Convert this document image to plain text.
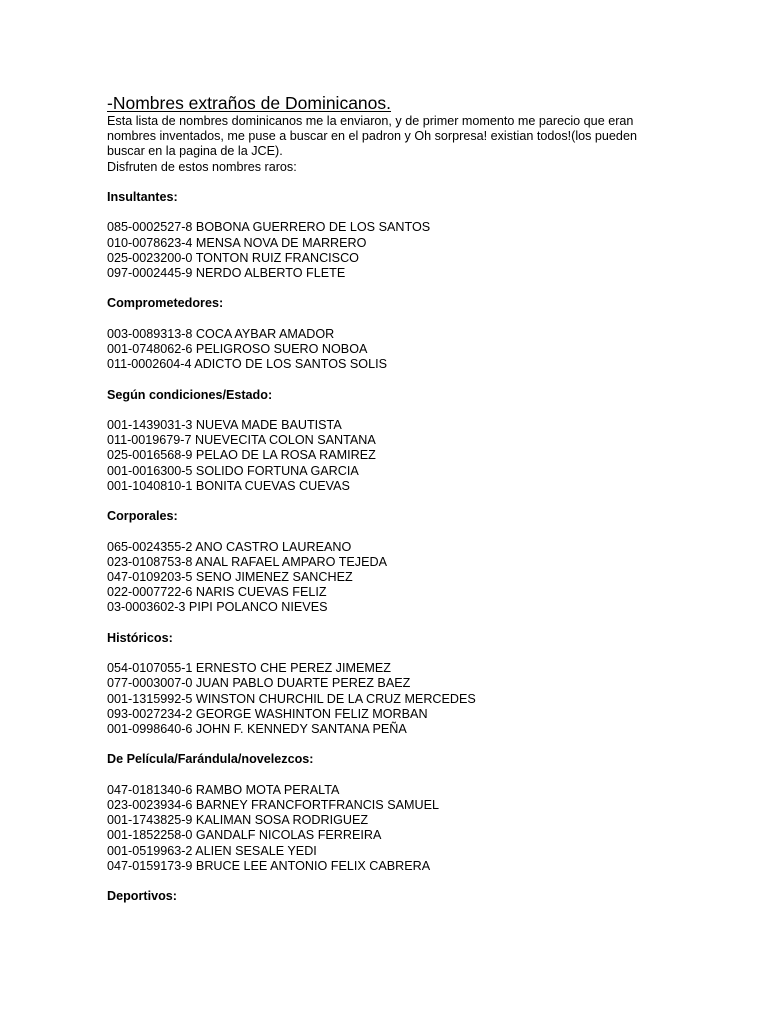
-Nombres extraños de Dominicanos.

Esta lista de nombres dominicanos me la enviaron, y de primer momento me parecio que eran

nombres inventados, me puse a buscar en el padron y Oh sorpresa! existian todos!(los pueden

buscar en la pagina de la JCE).

Disfruten de estos nombres raros:

Insultantes:
085-0002527-8 BOBONA GUERRERO DE LOS SANTOS
010-0078623-4 MENSA NOVA DE MARRERO
025-0023200-0 TONTON RUIZ FRANCISCO
097-0002445-9 NERDO ALBERTO FLETE
Comprometedores:
003-0089313-8 COCA AYBAR AMADOR
001-0748062-6 PELIGROSO SUERO NOBOA
011-0002604-4 ADICTO DE LOS SANTOS SOLIS
Según condiciones/Estado:
001-1439031-3 NUEVA MADE BAUTISTA
011-0019679-7 NUEVECITA COLON SANTANA
025-0016568-9 PELAO DE LA ROSA RAMIREZ
001-0016300-5 SOLIDO FORTUNA GARCIA
001-1040810-1 BONITA CUEVAS CUEVAS
Corporales:
065-0024355-2 ANO CASTRO LAUREANO
023-0108753-8 ANAL RAFAEL AMPARO TEJEDA
047-0109203-5 SENO JIMENEZ SANCHEZ
022-0007722-6 NARIS CUEVAS FELIZ
03-0003602-3 PIPI POLANCO NIEVES
Históricos:
054-0107055-1 ERNESTO CHE PEREZ JIMEMEZ
077-0003007-0 JUAN PABLO DUARTE PEREZ BAEZ
001-1315992-5 WINSTON CHURCHIL DE LA CRUZ MERCEDES
093-0027234-2 GEORGE WASHINTON FELIZ MORBAN
001-0998640-6 JOHN F. KENNEDY SANTANA PEÑA
De Película/Farándula/novelezcos:
047-0181340-6 RAMBO MOTA PERALTA
023-0023934-6 BARNEY FRANCFORTFRANCIS SAMUEL
001-1743825-9 KALIMAN SOSA RODRIGUEZ
001-1852258-0 GANDALF NICOLAS FERREIRA
001-0519963-2 ALIEN SESALE YEDI
047-0159173-9 BRUCE LEE ANTONIO FELIX CABRERA
Deportivos:
